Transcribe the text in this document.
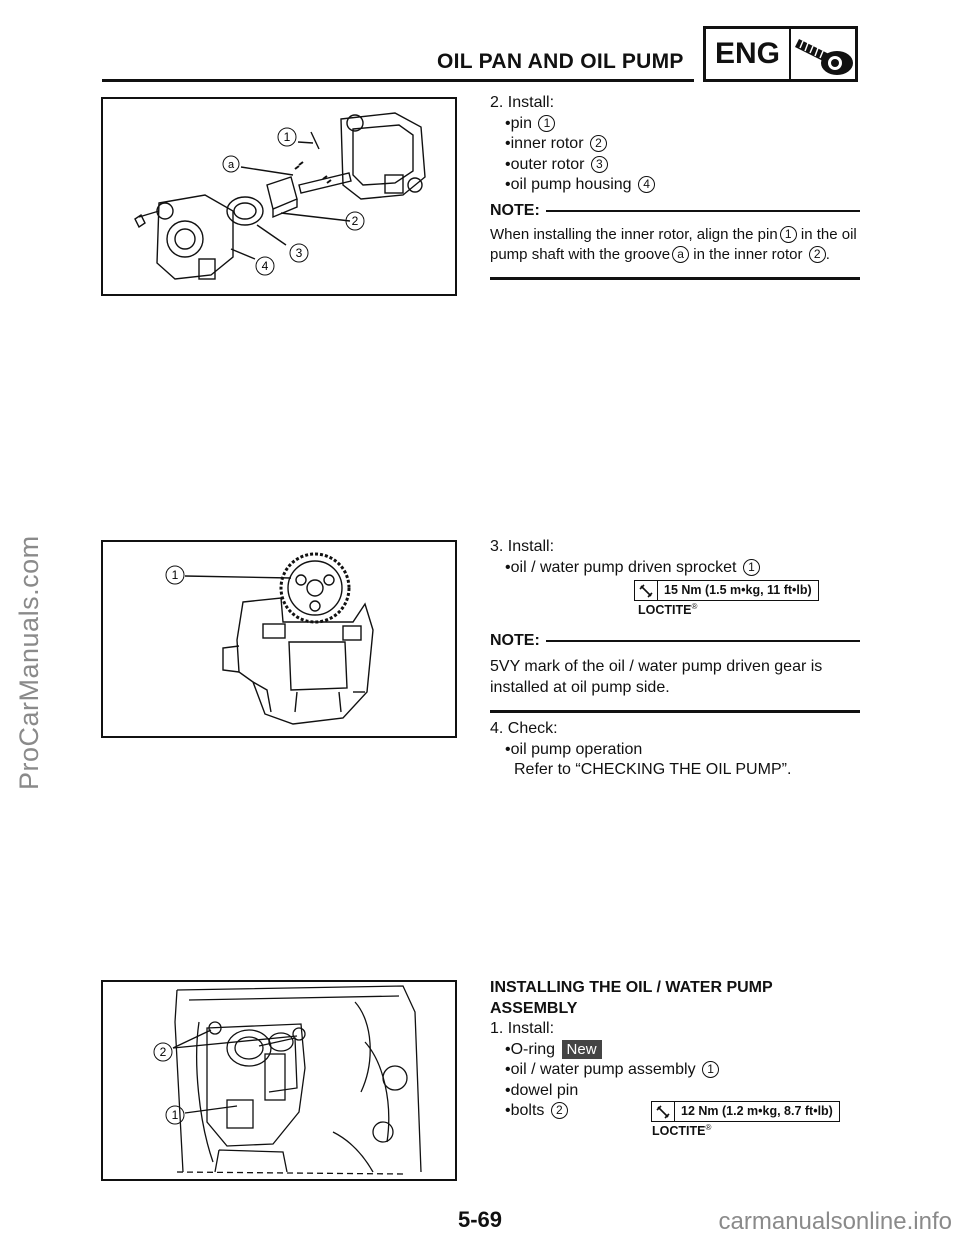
ProCarManuals.com
carmanualsonline.info
OIL PAN AND OIL PUMP ENG
1
a
2
3
4

2. Install:

•pin 1

•inner rotor 2

•outer rotor 3

•oil pump housing 4

NOTE:
When installing the inner rotor, align the pin 1 in the oil pump shaft with the groove a in the inner rotor 2 .
1

3. Install:

•oil / water pump driven sprocket 1

15 Nm (1.5 m•kg, 11 ft•lb)
LOCTITE®
NOTE:
5VY mark of the oil / water pump driven gear is installed at oil pump side.

4. Check:

•oil pump operation

Refer to “CHECKING THE OIL PUMP”.

2
1

INSTALLING THE OIL / WATER PUMP

ASSEMBLY

1. Install:

•O-ring New

•oil / water pump assembly 1

•dowel pin

•bolts 2	12 Nm (1.2 m•kg, 8.7 ft•lb)
LOCTITE®
5-69
